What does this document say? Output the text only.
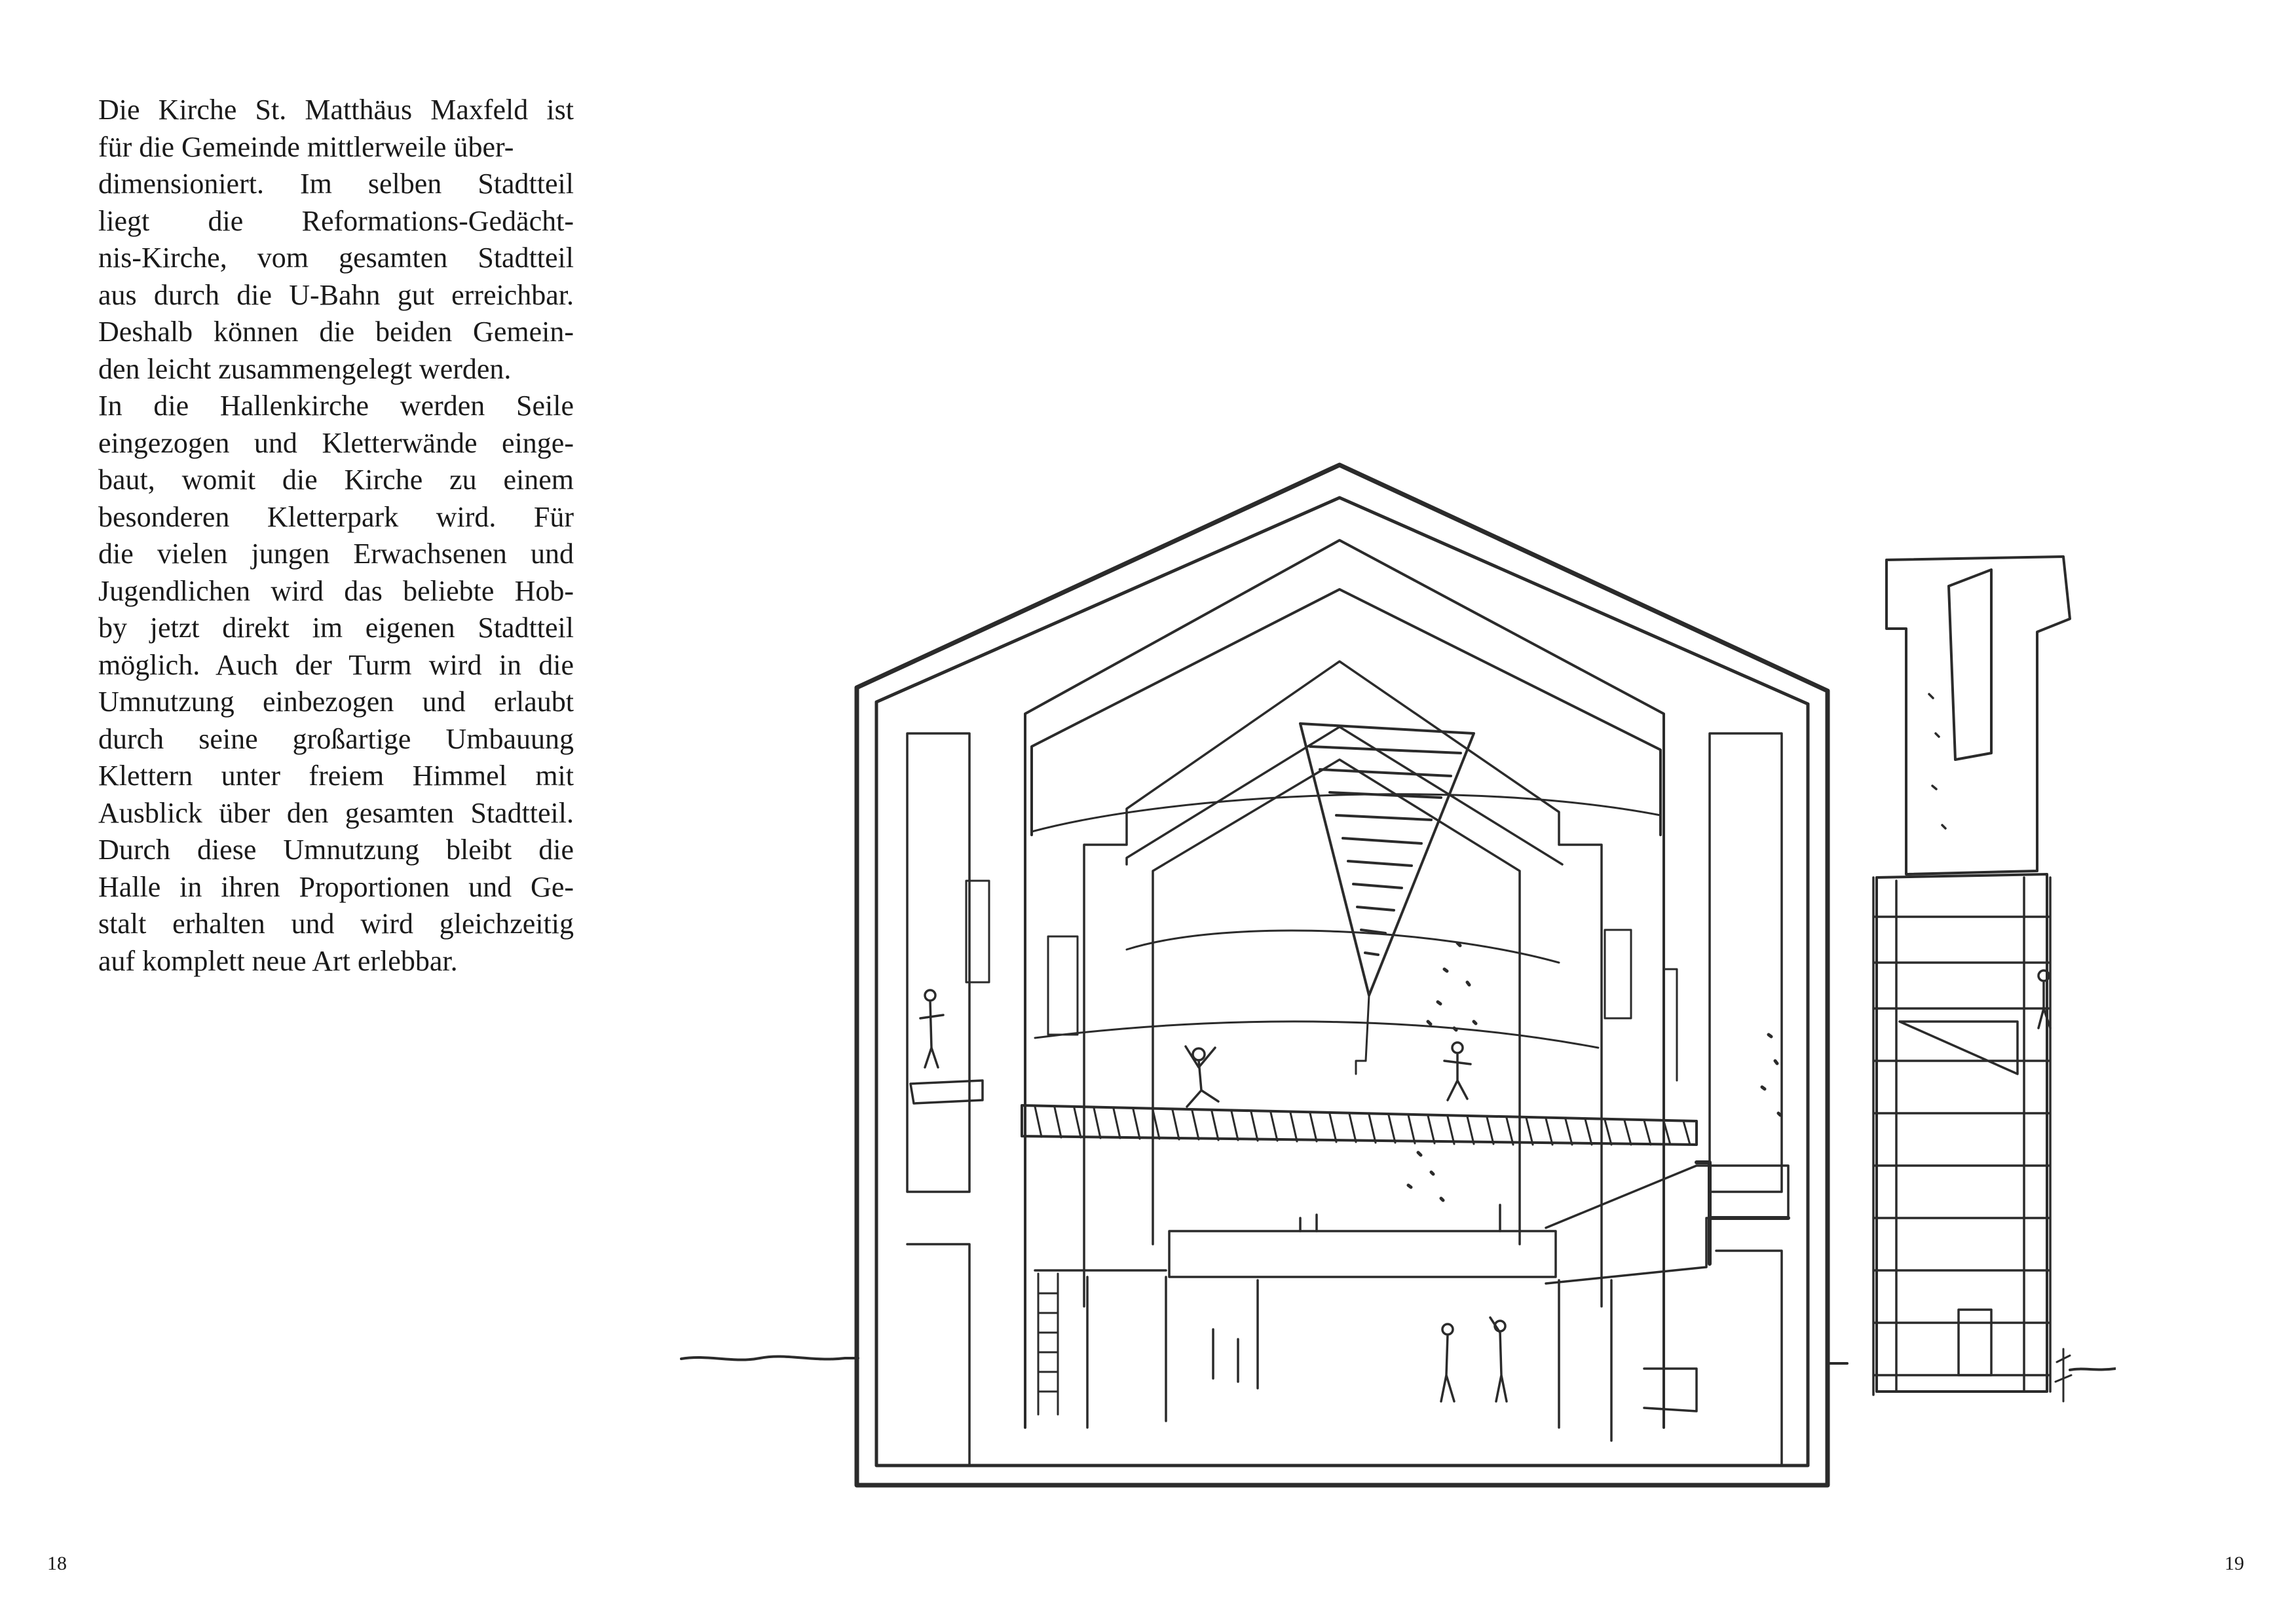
Die Kirche St. Matthäus Maxfeld ist
für die Gemeinde mittlerweile über-
dimensioniert. Im selben Stadtteil
liegt die Reformations-Gedächt-
nis-Kirche, vom gesamten Stadtteil
aus durch die U-Bahn gut erreichbar.
Deshalb können die beiden Gemein-
den leicht zusammengelegt werden.
In die Hallenkirche werden Seile
eingezogen und Kletterwände einge-
baut, womit die Kirche zu einem
besonderen Kletterpark wird. Für
die vielen jungen Erwachsenen und
Jugendlichen wird das beliebte Hob-
by jetzt direkt im eigenen Stadtteil
möglich. Auch der Turm wird in die
Umnutzung einbezogen und erlaubt
durch seine großartige Umbauung
Klettern unter freiem Himmel mit
Ausblick über den gesamten Stadtteil.
Durch diese Umnutzung bleibt die
Halle in ihren Proportionen und Ge-
stalt erhalten und wird gleichzeitig
auf komplett neue Art erlebbar.
18	19
